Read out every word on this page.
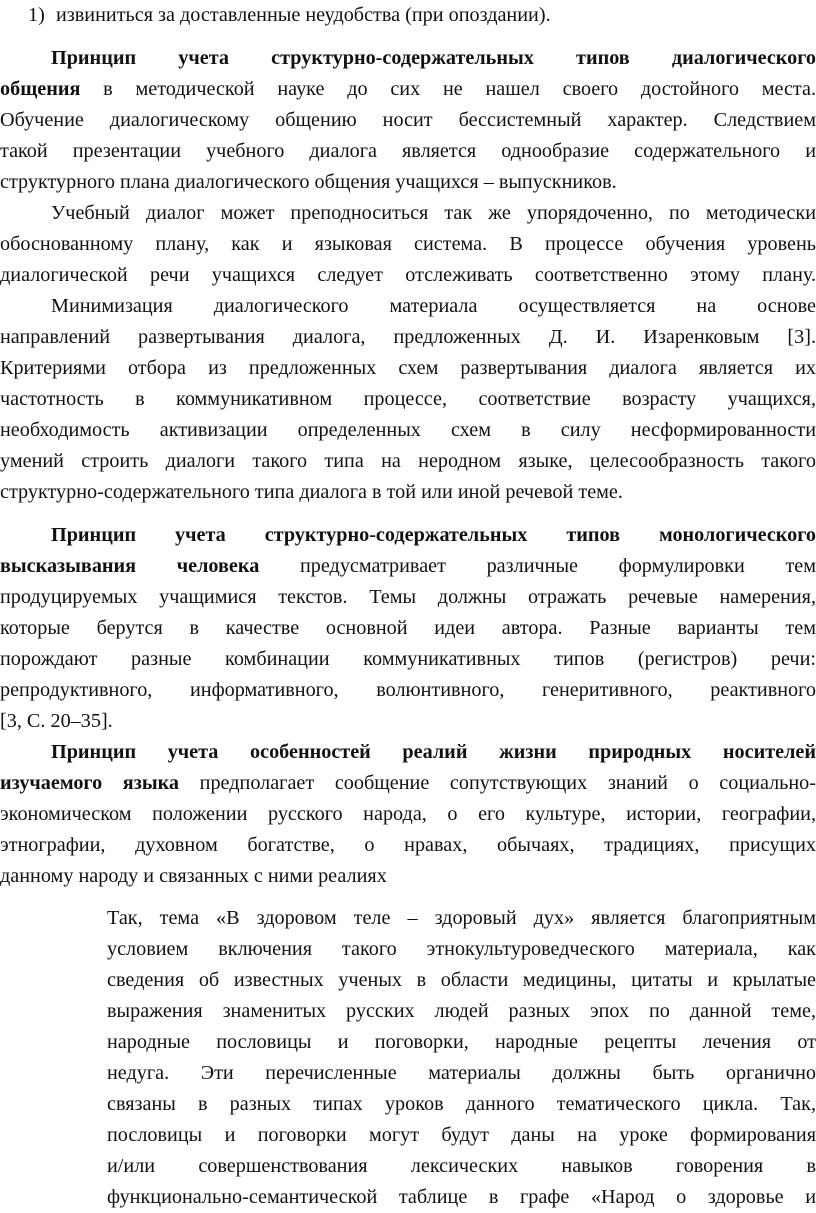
1) извиниться за доставленные неудобства (при опоздании).
Принцип учета структурно-содержательных типов диалогического
общения в методической науке до сих не нашел своего достойного места.
Обучение диалогическому общению носит бессистемный характер. Следствием
такой презентации учебного диалога является однообразие содержательного и
структурного плана диалогического общения учащихся – выпускников.
Учебный диалог может преподноситься так же упорядоченно, по методически
обоснованному плану, как и языковая система. В процессе обучения уровень
диалогической речи учащихся следует отслеживать соответственно этому плану.
Минимизация диалогического материала осуществляется на основе
направлений развертывания диалога, предложенных Д. И. Изаренковым [3].
Критериями отбора из предложенных схем развертывания диалога является их
частотность в коммуникативном процессе, соответствие возрасту учащихся,
необходимость активизации определенных схем в силу несформированности
умений строить диалоги такого типа на неродном языке, целесообразность такого
структурно-содержательного типа диалога в той или иной речевой теме.
Принцип учета структурно-содержательных типов монологического
высказывания человека предусматривает различные формулировки тем
продуцируемых учащимися текстов. Темы должны отражать речевые намерения,
которые берутся в качестве основной идеи автора. Разные варианты тем
порождают разные комбинации коммуникативных типов (регистров) речи:
репродуктивного, информативного, волюнтивного, генеритивного, реактивного
[3, С. 20–35].
Принцип учета особенностей реалий жизни природных носителей
изучаемого языка предполагает сообщение сопутствующих знаний о социально-
экономическом положении русского народа, о его культуре, истории, географии,
этнографии, духовном богатстве, о нравах, обычаях, традициях, присущих
данному народу и связанных с ними реалиях
Так, тема «В здоровом теле – здоровый дух» является благоприятным
условием включения такого этнокультуроведческого материала, как
сведения об известных ученых в области медицины, цитаты и крылатые
выражения знаменитых русских людей разных эпох по данной теме,
народные пословицы и поговорки, народные рецепты лечения от
недуга. Эти перечисленные материалы должны быть органично
связаны в разных типах уроков данного тематического цикла. Так,
пословицы и поговорки могут будут даны на уроке формирования
и/или совершенствования лексических навыков говорения в
функционально-семантической таблице в графе «Народ о здоровье и
